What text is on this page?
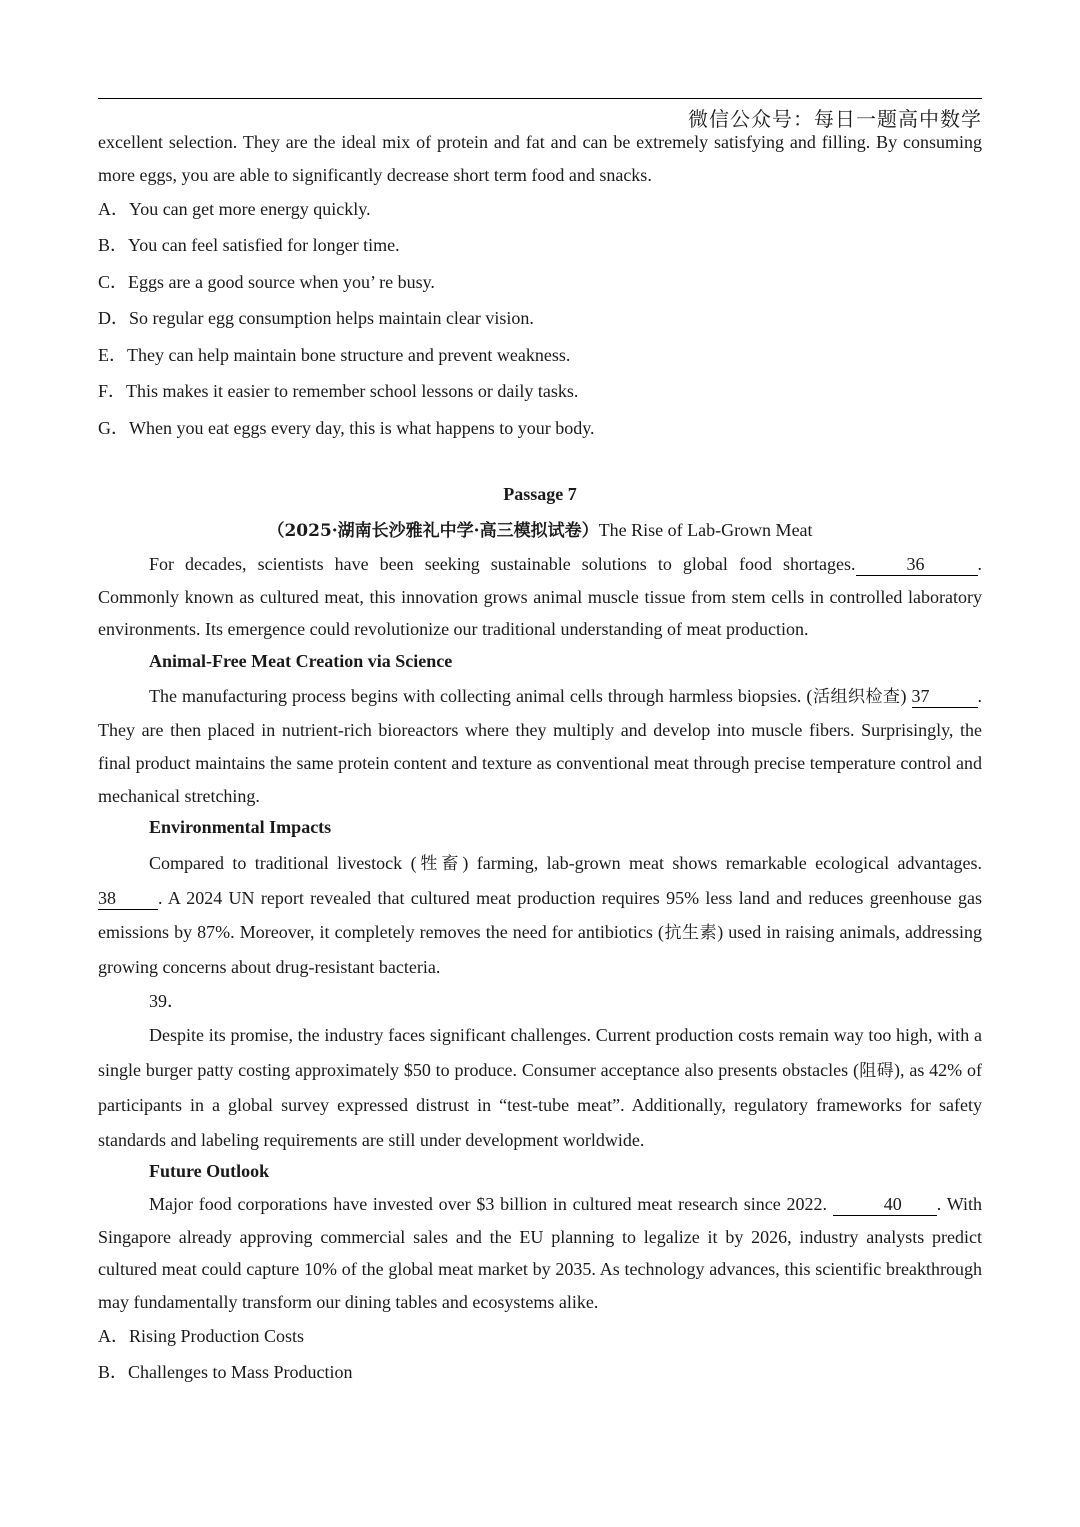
微信公众号：每日一题高中数学
excellent selection. They are the ideal mix of protein and fat and can be extremely satisfying and filling. By consuming more eggs, you are able to significantly decrease short term food and snacks.
A．You can get more energy quickly.
B．You can feel satisfied for longer time.
C．Eggs are a good source when you’ re busy.
D．So regular egg consumption helps maintain clear vision.
E．They can help maintain bone structure and prevent weakness.
F．This makes it easier to remember school lessons or daily tasks.
G．When you eat eggs every day, this is what happens to your body.
Passage 7
（2025·湖南长沙雅礼中学·高三模拟试卷）The Rise of Lab-Grown Meat
For decades, scientists have been seeking sustainable solutions to global food shortages.	36	. Commonly known as cultured meat, this innovation grows animal muscle tissue from stem cells in controlled laboratory environments. Its emergence could revolutionize our traditional understanding of meat production.
Animal-Free Meat Creation via Science
The manufacturing process begins with collecting animal cells through harmless biopsies. (活组织检查) 37	. They are then placed in nutrient-rich bioreactors where they multiply and develop into muscle fibers. Surprisingly, the final product maintains the same protein content and texture as conventional meat through precise temperature control and mechanical stretching.
Environmental Impacts
Compared to traditional livestock (牲畜) farming, lab-grown meat shows remarkable ecological advantages. 38 . A 2024 UN report revealed that cultured meat production requires 95% less land and reduces greenhouse gas emissions by 87%. Moreover, it completely removes the need for antibiotics (抗生素) used in raising animals, addressing growing concerns about drug-resistant bacteria.
39．
Despite its promise, the industry faces significant challenges. Current production costs remain way too high, with a single burger patty costing approximately $50 to produce. Consumer acceptance also presents obstacles (阻碍), as 42% of participants in a global survey expressed distrust in “test-tube meat”. Additionally, regulatory frameworks for safety standards and labeling requirements are still under development worldwide.
Future Outlook
Major food corporations have invested over $3 billion in cultured meat research since 2022.	40 . With Singapore already approving commercial sales and the EU planning to legalize it by 2026, industry analysts predict cultured meat could capture 10% of the global meat market by 2035. As technology advances, this scientific breakthrough may fundamentally transform our dining tables and ecosystems alike.
A．Rising Production Costs
B．Challenges to Mass Production
